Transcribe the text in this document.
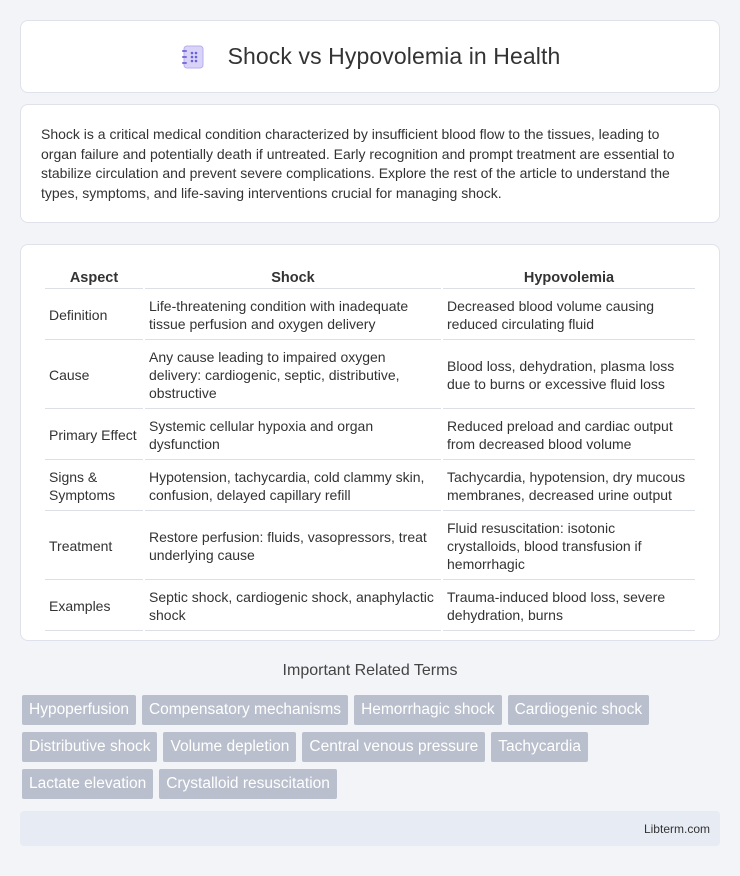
Shock vs Hypovolemia in Health

Shock is a critical medical condition characterized by insufficient blood flow to the tissues, leading to organ failure and potentially death if untreated. Early recognition and prompt treatment are essential to stabilize circulation and prevent severe complications. Explore the rest of the article to understand the types, symptoms, and life-saving interventions crucial for managing shock.

Aspect	Shock	Hypovolemia
Definition	Life-threatening condition with inadequate tissue perfusion and oxygen delivery	Decreased blood volume causing reduced circulating fluid
Cause	Any cause leading to impaired oxygen delivery: cardiogenic, septic, distributive, obstructive	Blood loss, dehydration, plasma loss due to burns or excessive fluid loss
Primary Effect	Systemic cellular hypoxia and organ dysfunction	Reduced preload and cardiac output from decreased blood volume
Signs & Symptoms	Hypotension, tachycardia, cold clammy skin, confusion, delayed capillary refill	Tachycardia, hypotension, dry mucous membranes, decreased urine output
Treatment	Restore perfusion: fluids, vasopressors, treat underlying cause	Fluid resuscitation: isotonic crystalloids, blood transfusion if hemorrhagic
Examples	Septic shock, cardiogenic shock, anaphylactic shock	Trauma-induced blood loss, severe dehydration, burns
Important Related Terms
Hypoperfusion	Compensatory mechanisms	Hemorrhagic shock	Cardiogenic shock
Distributive shock	Volume depletion	Central venous pressure	Tachycardia
Lactate elevation	Crystalloid resuscitation
Libterm.com
